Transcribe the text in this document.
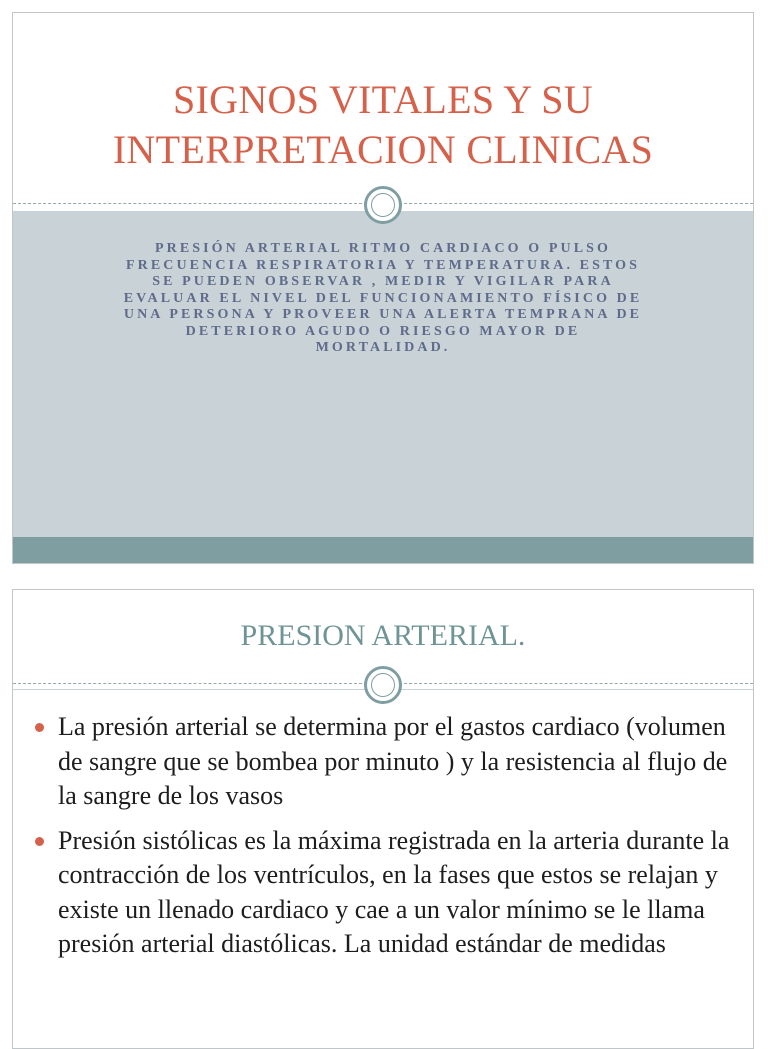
SIGNOS VITALES Y SU
INTERPRETACION CLINICAS
PRESIÓN ARTERIAL RITMO CARDIACO O PULSO FRECUENCIA RESPIRATORIA Y TEMPERATURA. ESTOS SE PUEDEN OBSERVAR , MEDIR Y VIGILAR PARA EVALUAR EL NIVEL DEL FUNCIONAMIENTO FÍSICO DE UNA PERSONA Y PROVEER UNA ALERTA TEMPRANA DE DETERIORO AGUDO O RIESGO MAYOR DE MORTALIDAD.
PRESION ARTERIAL.
La presión arterial se determina por el gastos cardiaco (volumen de sangre que se bombea por minuto ) y la resistencia al flujo de la sangre de los vasos
Presión sistólicas es la máxima registrada en la arteria durante la contracción de los ventrículos, en la fases que estos se relajan y existe un llenado cardiaco y cae a un valor mínimo se le llama presión arterial diastólicas. La unidad estándar de medidas
